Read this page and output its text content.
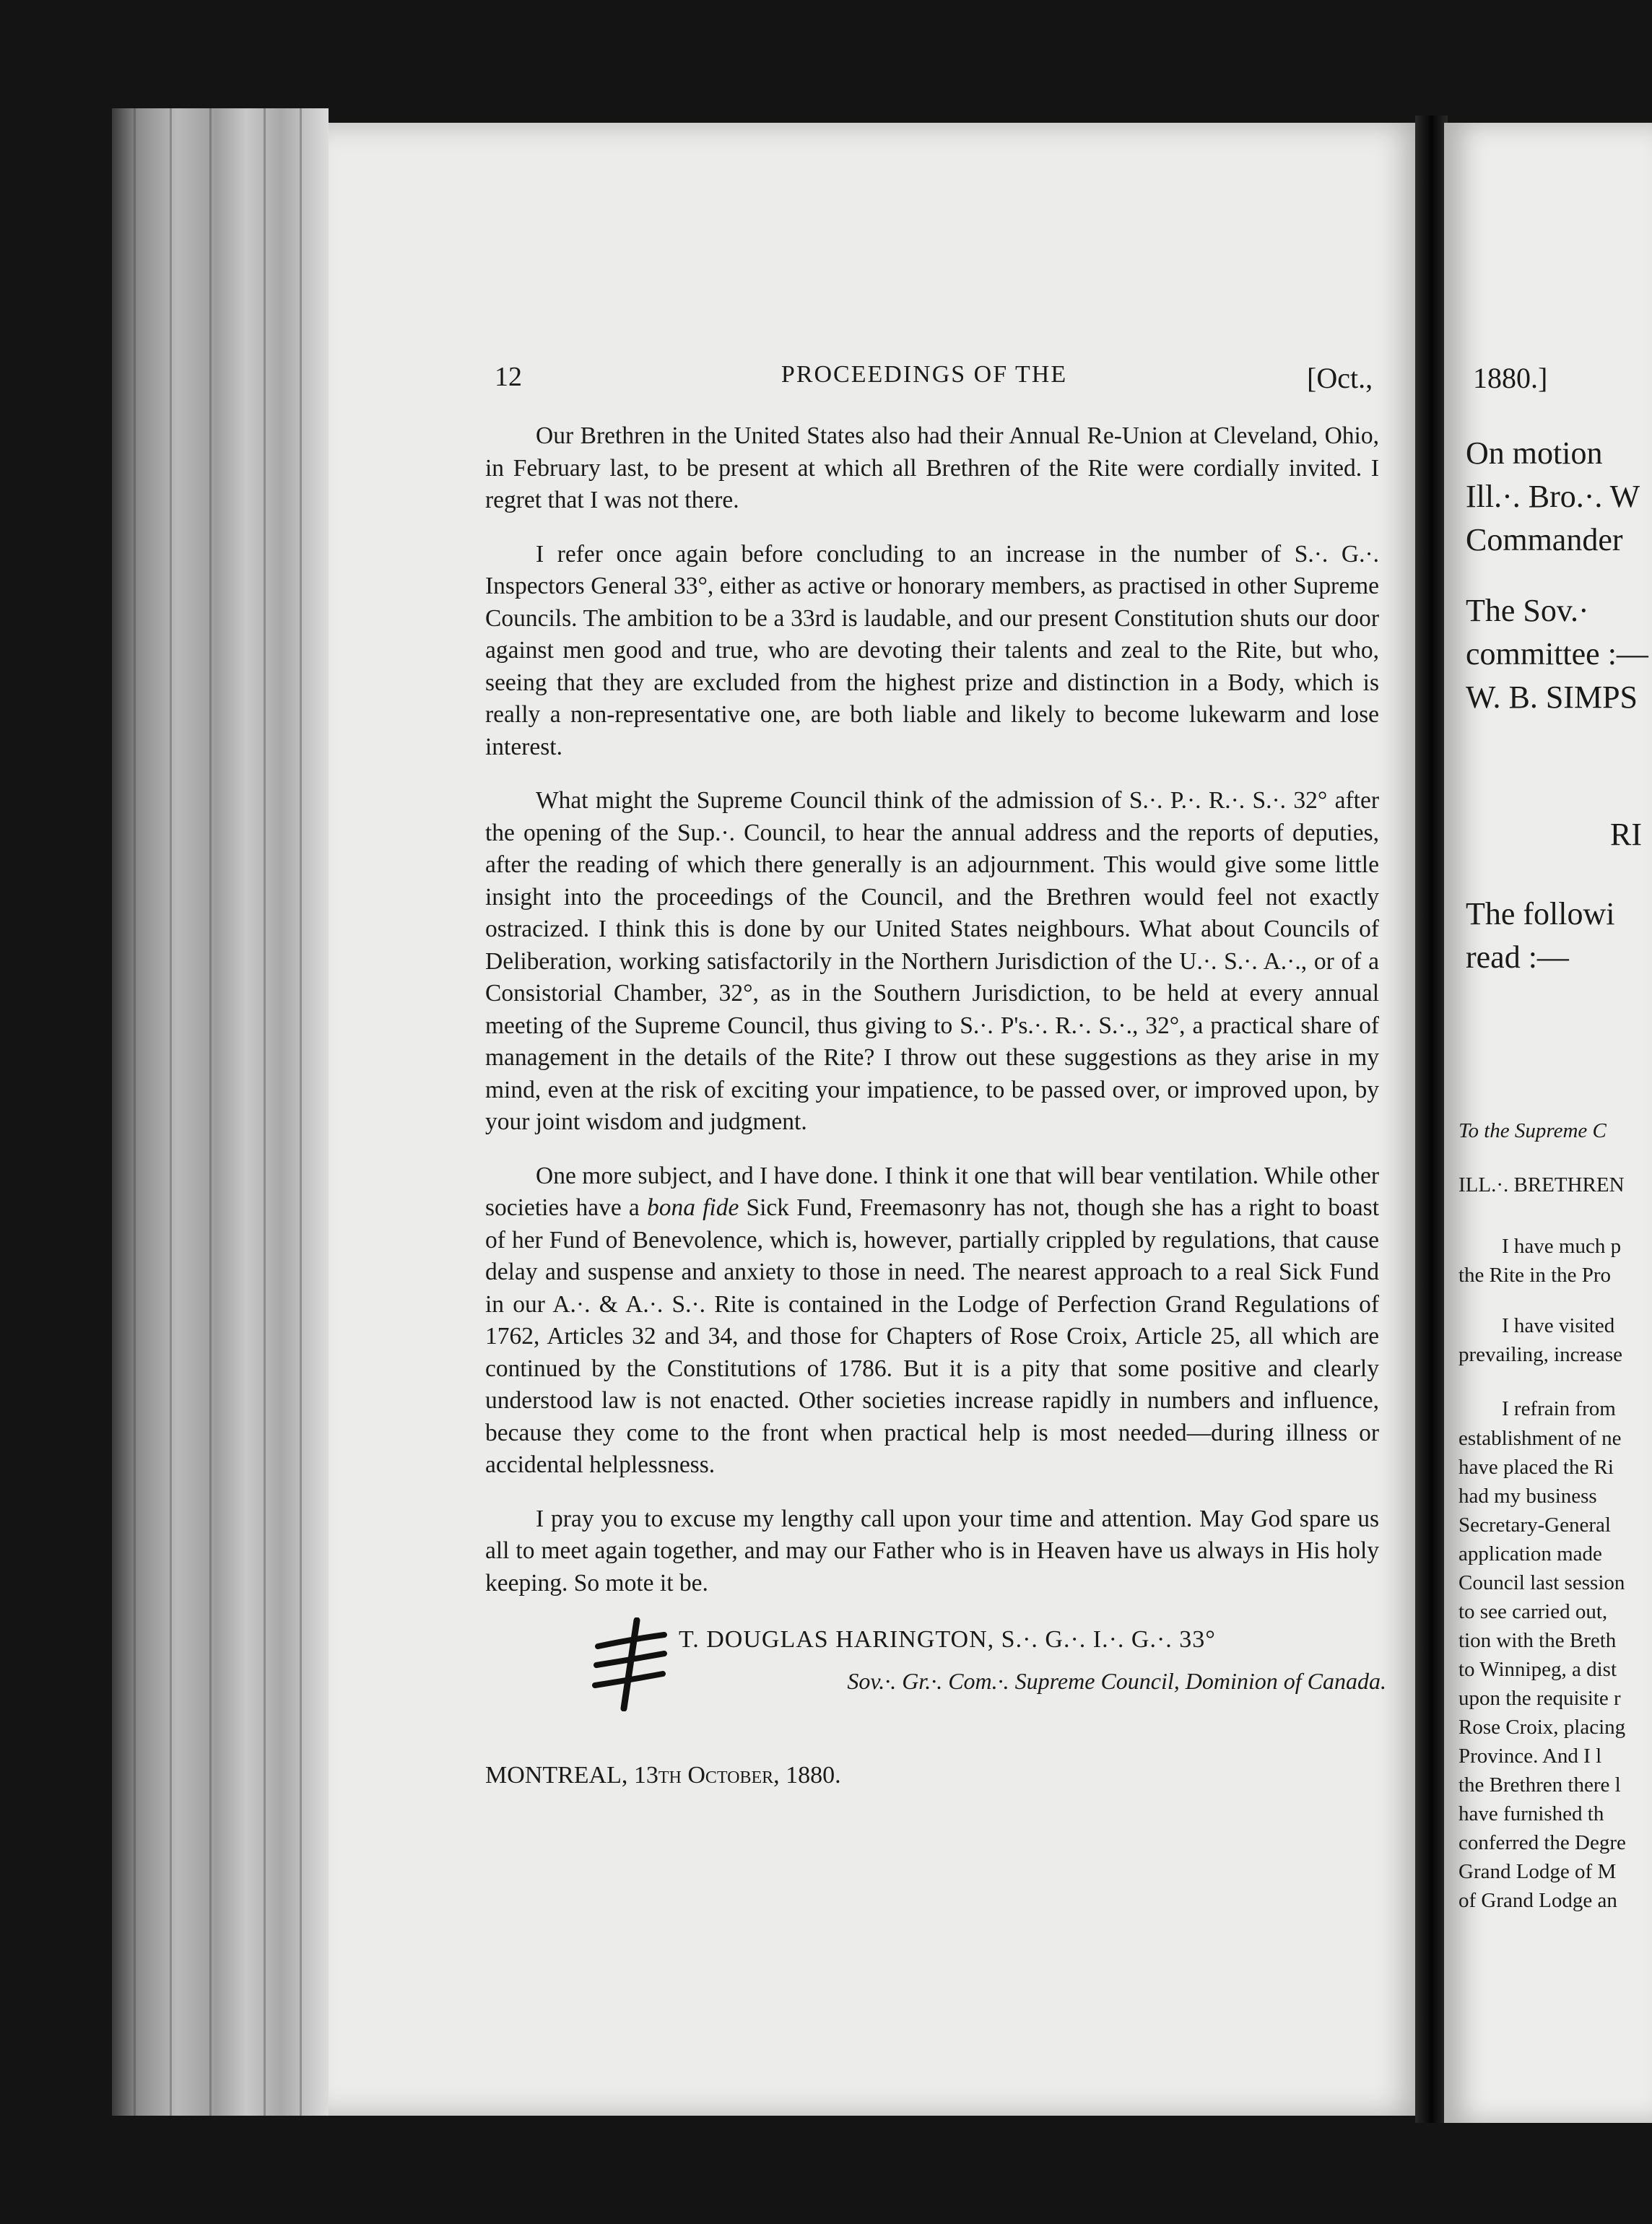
12	PROCEEDINGS OF THE	[Oct.,

Our Brethren in the United States also had their Annual Re-Union at Cleveland, Ohio, in February last, to be present at which all Brethren of the Rite were cordially invited. I regret that I was not there.

I refer once again before concluding to an increase in the number of S.·. G.·. Inspectors General 33°, either as active or honorary members, as practised in other Supreme Councils. The ambition to be a 33rd is laudable, and our present Constitution shuts our door against men good and true, who are devoting their talents and zeal to the Rite, but who, seeing that they are excluded from the highest prize and distinction in a Body, which is really a non-representative one, are both liable and likely to become lukewarm and lose interest.

What might the Supreme Council think of the admission of S.·. P.·. R.·. S.·. 32° after the opening of the Sup.·. Council, to hear the annual address and the reports of deputies, after the reading of which there generally is an adjournment. This would give some little insight into the proceedings of the Council, and the Brethren would feel not exactly ostracized. I think this is done by our United States neighbours. What about Councils of Deliberation, working satisfactorily in the Northern Jurisdiction of the U.·. S.·. A.·., or of a Consistorial Chamber, 32°, as in the Southern Jurisdiction, to be held at every annual meeting of the Supreme Council, thus giving to S.·. P's.·. R.·. S.·., 32°, a practical share of management in the details of the Rite? I throw out these suggestions as they arise in my mind, even at the risk of exciting your impatience, to be passed over, or improved upon, by your joint wisdom and judgment.

One more subject, and I have done. I think it one that will bear ventilation. While other societies have a bona fide Sick Fund, Freemasonry has not, though she has a right to boast of her Fund of Benevolence, which is, however, partially crippled by regulations, that cause delay and suspense and anxiety to those in need. The nearest approach to a real Sick Fund in our A.·. & A.·. S.·. Rite is contained in the Lodge of Perfection Grand Regulations of 1762, Articles 32 and 34, and those for Chapters of Rose Croix, Article 25, all which are continued by the Constitutions of 1786. But it is a pity that some positive and clearly understood law is not enacted. Other societies increase rapidly in numbers and influence, because they come to the front when practical help is most needed—during illness or accidental helplessness.

I pray you to excuse my lengthy call upon your time and attention. May God spare us all to meet again together, and may our Father who is in Heaven have us always in His holy keeping. So mote it be.

T. DOUGLAS HARINGTON, S.·. G.·. I.·. G.·. 33°
Sov.·. Gr.·. Com.·. Supreme Council, Dominion of Canada.
MONTREAL, 13th October, 1880.
1880.]
On motion
Ill.·. Bro.·. W
Commander
The Sov.·
committee :—
W. B. SIMPS
RI
The followi
read :—
To the Supreme C
ILL.·. BRETHREN
I have much p
the Rite in the Pro
I have visited
prevailing, increase
I refrain from
establishment of ne
have placed the Ri
had my business
Secretary-General
application made
Council last session
to see carried out,
tion with the Breth
to Winnipeg, a dist
upon the requisite r
Rose Croix, placing
Province. And I l
the Brethren there l
have furnished th
conferred the Degre
Grand Lodge of M
of Grand Lodge an
